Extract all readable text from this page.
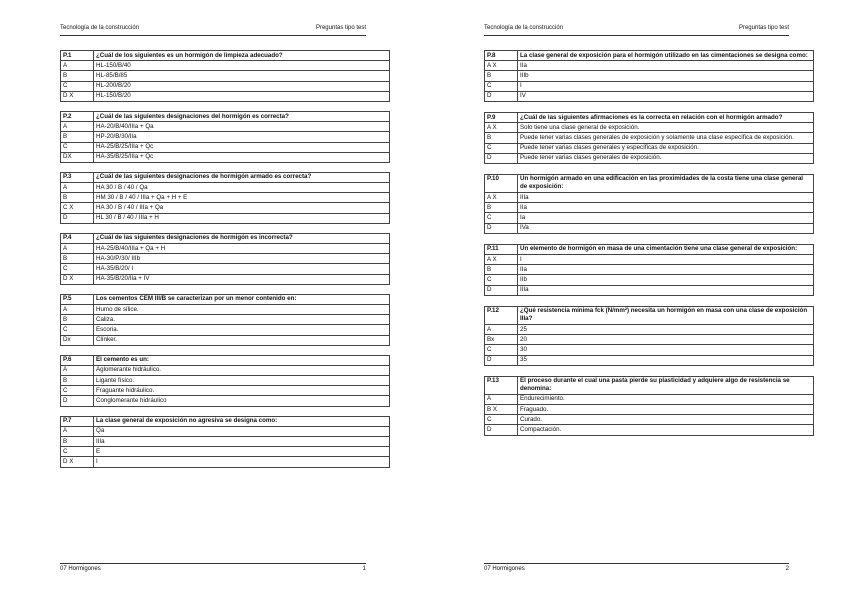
Tecnología de la construcción	Preguntas tipo test
P.1	¿Cuál de los siguientes es un hormigón de limpieza adecuado?
A	HL-150/B/40
B	HL-85/B/85
C	HL-200/B/20
D X	HL-150/B/20
P.2	¿Cuál de las siguientes designaciones del hormigón es correcta?
A	HA-20/B/40/IIIa + Qa
B	HP-20/B/30/IIa
C	HA-25/B/25/IIIa + Qc
DX	HA-35/B/25/IIIa + Qc
P.3	¿Cuál de las siguientes designaciones de hormigón armado es correcta?
A	HA 30 / B / 40 / Qa
B	HM 30 / B / 40 / IIIa + Qa + H + E
C X	HA 30 / B / 40 / IIIa + Qa
D	HL 30 / B / 40 / IIIa + H
P.4	¿Cuál de las siguientes designaciones de hormigón es incorrecta?
A	HA-25/B/40/IIIa + Qa + H
B	HA-30/P/30/ IIIb
C	HA-35/B/20/ I
D X	HA-35/B/20/IIa + IV
P.5	Los cementos CEM III/B se caracterizan por un menor contenido en:
A	Humo de sílice.
B	Caliza.
C	Escoria.
Dx	Clínker.
P.6	El cemento es un:
A	Aglomerante hidráulico.
B	Ligante físico.
C	Fraguante hidráulico.
D	Conglomerante hidráulico
P.7	La clase general de exposición no agresiva se designa como:
A	Qa
B	IIIa
C	E
D X	I
07 Hormigones	1
Tecnología de la construcción	Preguntas tipo test
P.8	La clase general de exposición para el hormigón utilizado en las cimentaciones se designa como:
A X	IIa
B	IIIb
C	I
D	IV
P.9	¿Cuál de las siguientes afirmaciones es la correcta en relación con el hormigón armado?
A X	Solo tiene una clase general de exposición.
B	Puede tener varias clases generales de exposición y solamente una clase específica de exposición.
C	Puede tener varias clases generales y específicas de exposición.
D	Puede tener varias clases generales de exposición.
P.10	Un hormigón armado en una edificación en las proximidades de la costa tiene una clase general de exposición:
A X	IIIa
B	IIa
C	Ia
D	IVa
P.11	Un elemento de hormigón en masa de una cimentación tiene una clase general de exposición:
A X	I
B	IIa
C	IIb
D	IIIa
P.12	¿Qué resistencia mínima fck (N/mm²) necesita un hormigón en masa con una clase de exposición IIIa?
A	25
Bx	20
C	30
D	35
P.13	El proceso durante el cual una pasta pierde su plasticidad y adquiere algo de resistencia se denomina:
A	Endurecimiento.
B X	Fraguado.
C	Curado.
D	Compactación.
07 Hormigones	2
